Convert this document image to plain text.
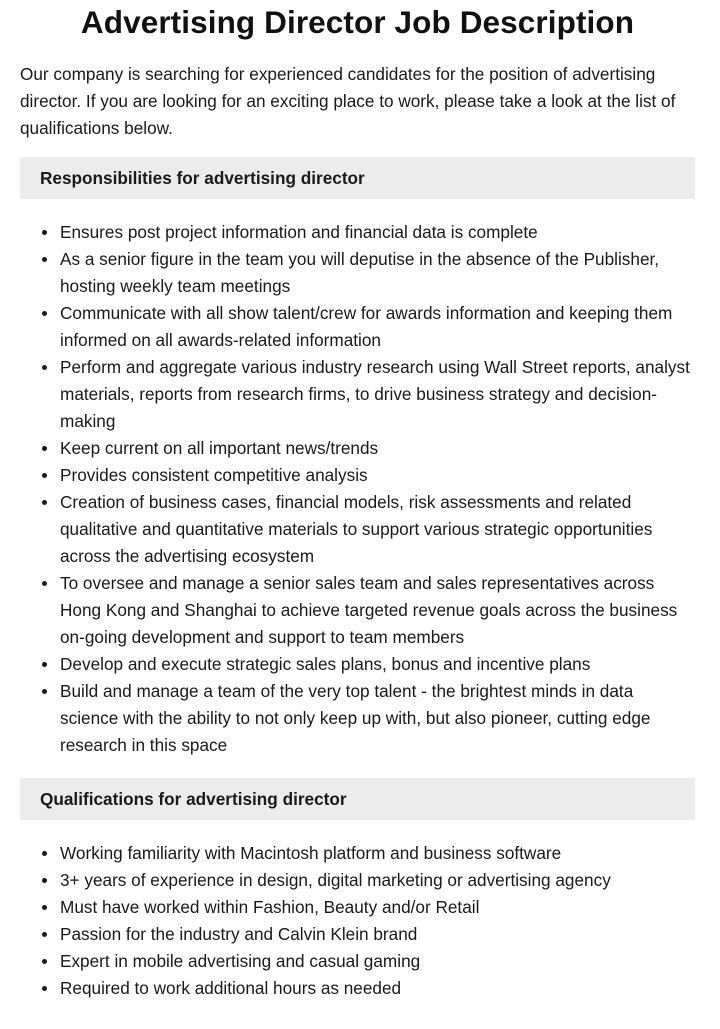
Advertising Director Job Description

Our company is searching for experienced candidates for the position of advertising director. If you are looking for an exciting place to work, please take a look at the list of qualifications below.

Responsibilities for advertising director
Ensures post project information and financial data is complete
As a senior figure in the team you will deputise in the absence of the Publisher, hosting weekly team meetings
Communicate with all show talent/crew for awards information and keeping them informed on all awards-related information
Perform and aggregate various industry research using Wall Street reports, analyst materials, reports from research firms, to drive business strategy and decision-making
Keep current on all important news/trends
Provides consistent competitive analysis
Creation of business cases, financial models, risk assessments and related qualitative and quantitative materials to support various strategic opportunities across the advertising ecosystem
To oversee and manage a senior sales team and sales representatives across Hong Kong and Shanghai to achieve targeted revenue goals across the business on-going development and support to team members
Develop and execute strategic sales plans, bonus and incentive plans
Build and manage a team of the very top talent - the brightest minds in data science with the ability to not only keep up with, but also pioneer, cutting edge research in this space
Qualifications for advertising director
Working familiarity with Macintosh platform and business software
3+ years of experience in design, digital marketing or advertising agency
Must have worked within Fashion, Beauty and/or Retail
Passion for the industry and Calvin Klein brand
Expert in mobile advertising and casual gaming
Required to work additional hours as needed
